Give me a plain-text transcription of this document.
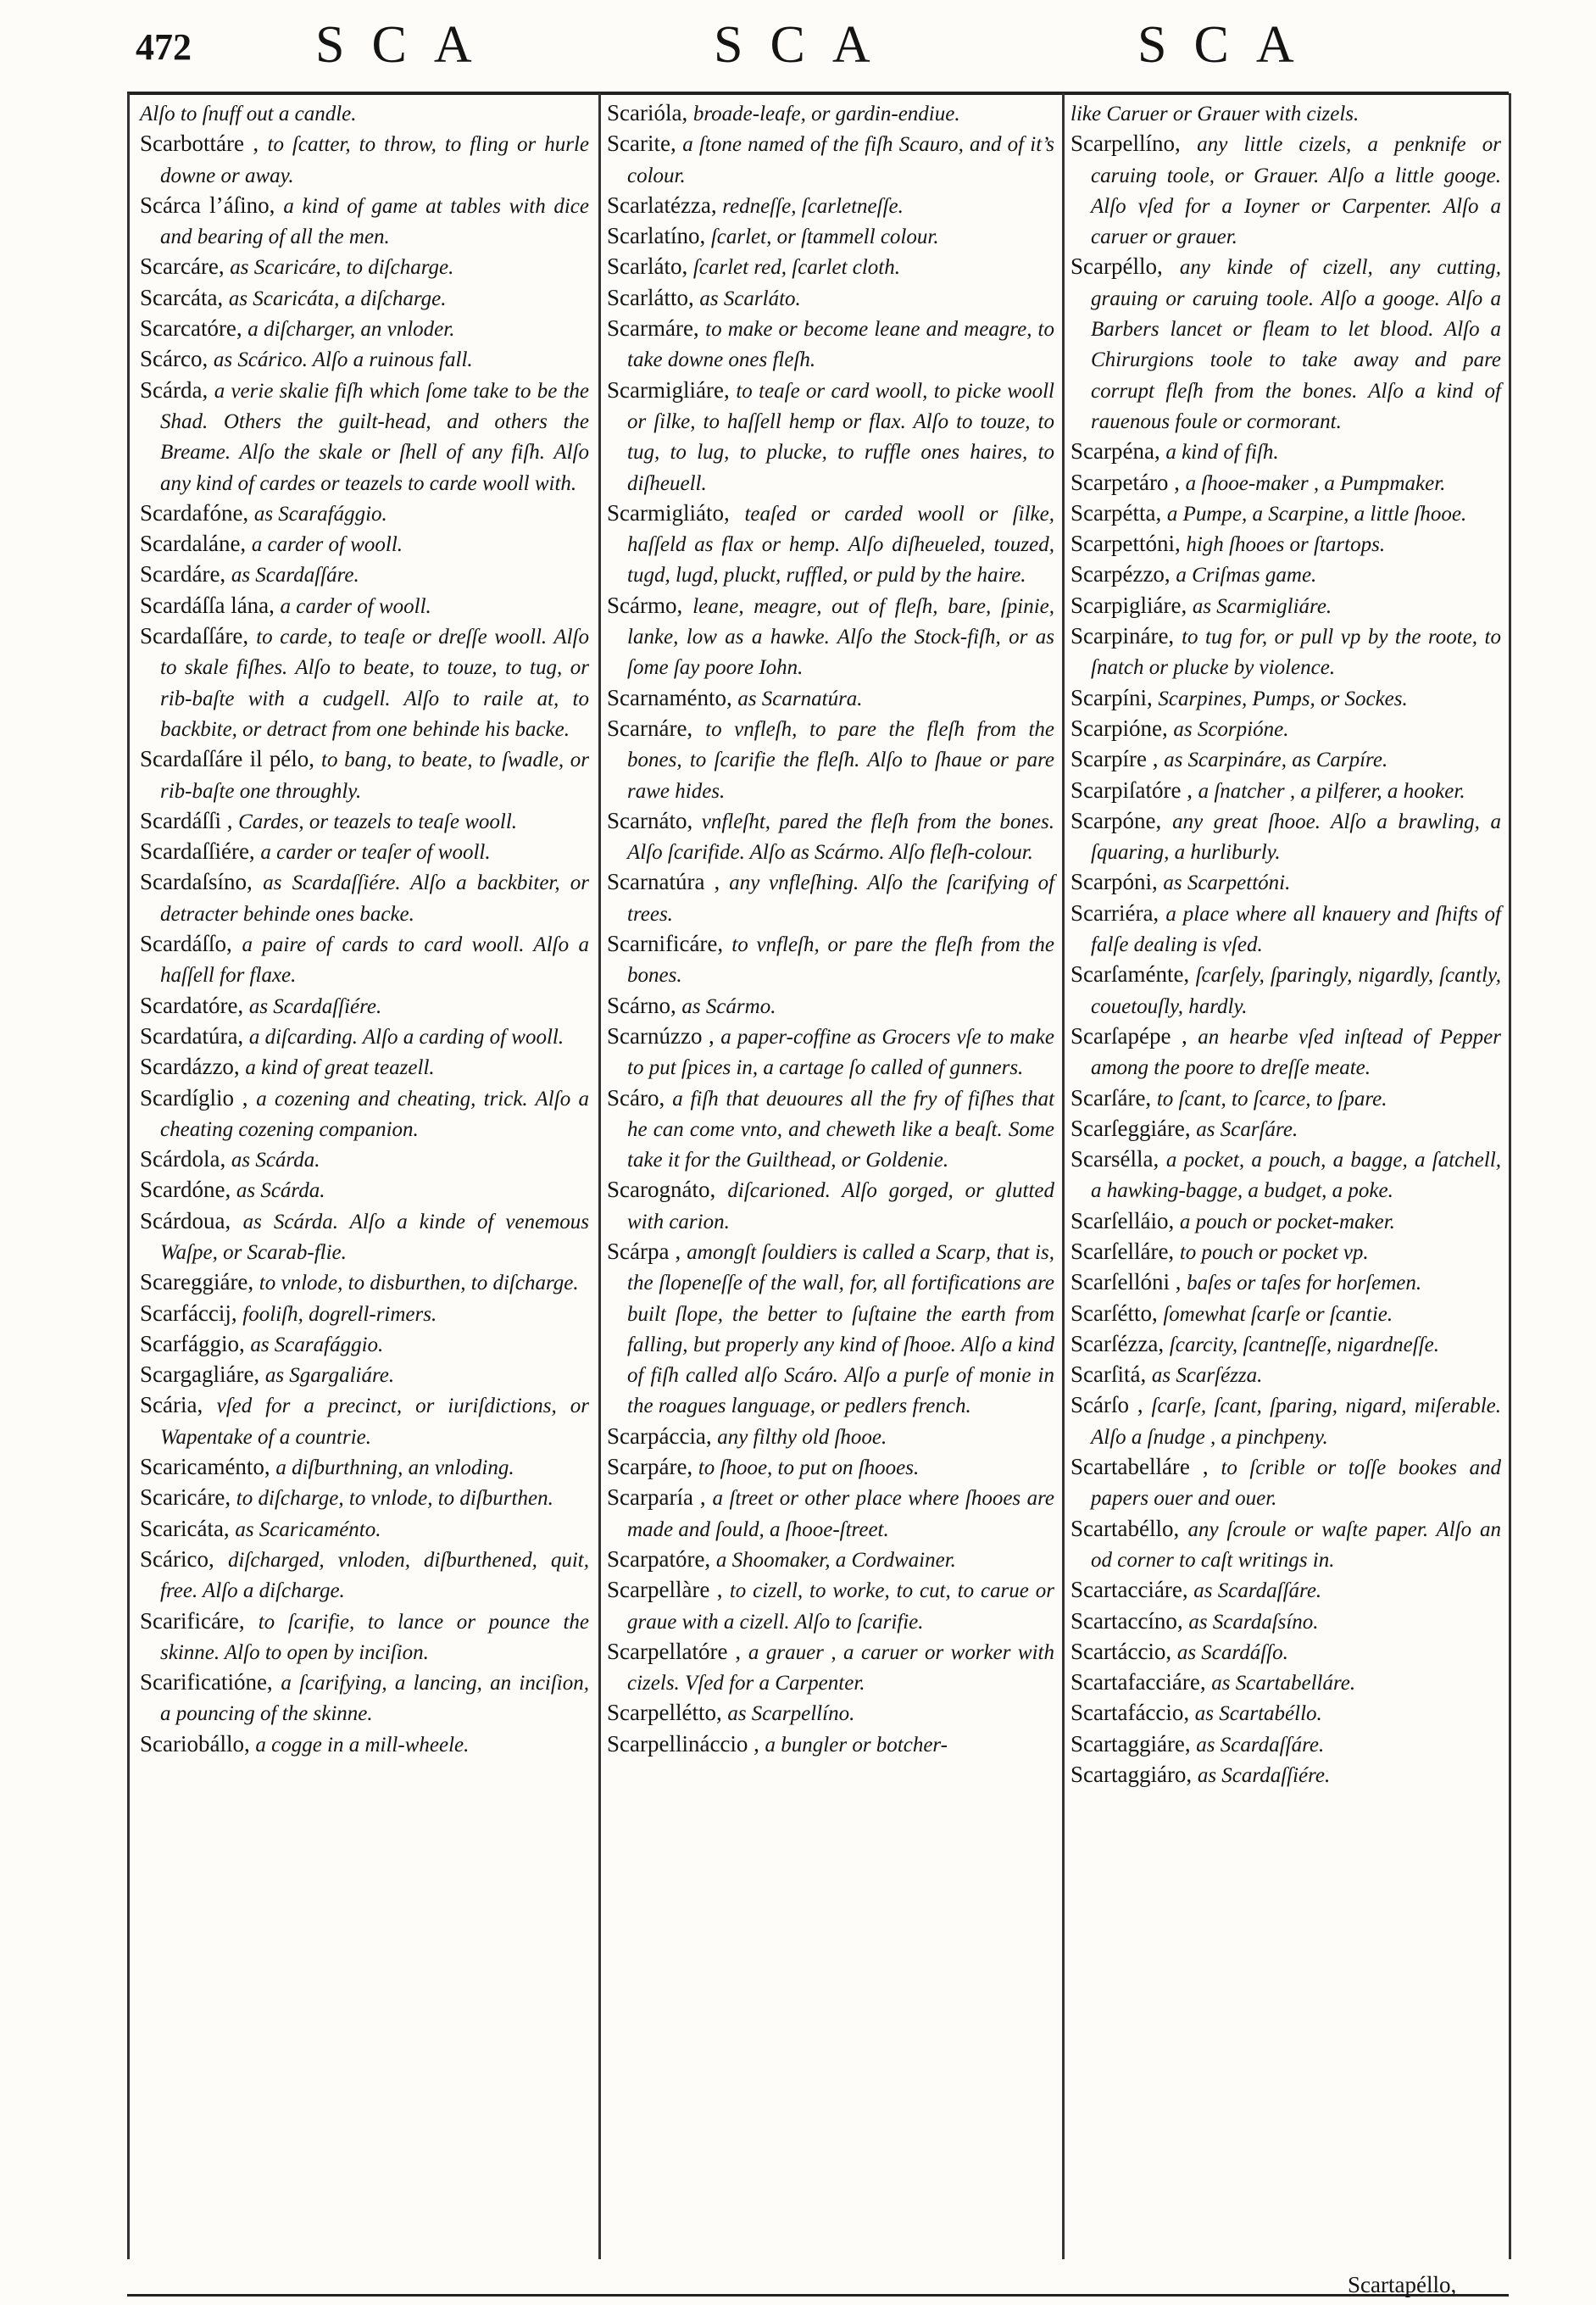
472 SCA	SCA	SCA
Alſo to ſnuff out a candle.
Scarbottáre , to ſcatter, to throw, to fling or hurle downe or away.
Scárca l’áſino, a kind of game at tables with dice and bearing of all the men.
Scarcáre, as Scaricáre, to diſcharge.
Scarcáta, as Scaricáta, a diſcharge.
Scarcatóre, a diſcharger, an vnloder.
Scárco, as Scárico. Alſo a ruinous fall.
Scárda, a verie skalie fiſh which ſome take to be the Shad. Others the guilt-head, and others the Breame. Alſo the skale or ſhell of any fiſh. Alſo any kind of cardes or teazels to carde wooll with.
Scardafóne, as Scarafággio.
Scardaláne, a carder of wooll.
Scardáre, as Scardaſſáre.
Scardáſſa lána, a carder of wooll.
Scardaſſáre, to carde, to teaſe or dreſſe wooll. Alſo to skale fiſhes. Alſo to beate, to touze, to tug, or rib-baſte with a cudgell. Alſo to raile at, to backbite, or detract from one behinde his backe.
Scardaſſáre il pélo, to bang, to beate, to ſwadle, or rib-baſte one throughly.
Scardáſſi , Cardes, or teazels to teaſe wooll.
Scardaſſiére, a carder or teaſer of wooll.
Scardaſsíno, as Scardaſſiére. Alſo a backbiter, or detracter behinde ones backe.
Scardáſſo, a paire of cards to card wooll. Alſo a haſſell for flaxe.
Scardatóre, as Scardaſſiére.
Scardatúra, a diſcarding. Alſo a carding of wooll.
Scardázzo, a kind of great teazell.
Scardíglio , a cozening and cheating, trick. Alſo a cheating cozening companion.
Scárdola, as Scárda.
Scardóne, as Scárda.
Scárdoua, as Scárda. Alſo a kinde of venemous Waſpe, or Scarab-flie.
Scareggiáre, to vnlode, to disburthen, to diſcharge.
Scarfáccij, fooliſh, dogrell-rimers.
Scarfággio, as Scarafággio.
Scargagliáre, as Sgargaliáre.
Scária, vſed for a precinct, or iuriſdictions, or Wapentake of a countrie.
Scaricaménto, a diſburthning, an vnloding.
Scaricáre, to diſcharge, to vnlode, to diſburthen.
Scaricáta, as Scaricaménto.
Scárico, diſcharged, vnloden, diſburthened, quit, free. Alſo a diſcharge.
Scarificáre, to ſcarifie, to lance or pounce the skinne. Alſo to open by inciſion.
Scarificatióne, a ſcarifying, a lancing, an inciſion, a pouncing of the skinne.
Scariobállo, a cogge in a mill-wheele.
Scarióla, broade-leafe, or gardin-endiue.
Scarite, a ſtone named of the fiſh Scauro, and of it’s colour.
Scarlatézza, redneſſe, ſcarletneſſe.
Scarlatíno, ſcarlet, or ſtammell colour.
Scarláto, ſcarlet red, ſcarlet cloth.
Scarlátto, as Scarláto.
Scarmáre, to make or become leane and meagre, to take downe ones fleſh.
Scarmigliáre, to teaſe or card wooll, to picke wooll or ſilke, to haſſell hemp or flax. Alſo to touze, to tug, to lug, to plucke, to ruffle ones haires, to diſheuell.
Scarmiglіáto, teaſed or carded wooll or ſilke, haſſeld as flax or hemp. Alſo diſheueled, touzed, tugd, lugd, pluckt, ruffled, or puld by the haire.
Scármo, leane, meagre, out of fleſh, bare, ſpinie, lanke, low as a hawke. Alſo the Stock-fiſh, or as ſome ſay poore Iohn.
Scarnaménto, as Scarnatúra.
Scarnáre, to vnfleſh, to pare the fleſh from the bones, to ſcarifie the fleſh. Alſo to ſhaue or pare rawe hides.
Scarnáto, vnfleſht, pared the fleſh from the bones. Alſo ſcarifide. Alſo as Scármo. Alſo fleſh-colour.
Scarnatúra , any vnfleſhing. Alſo the ſcarifying of trees.
Scarnificáre, to vnfleſh, or pare the fleſh from the bones.
Scárno, as Scármo.
Scarnúzzo , a paper-coffine as Grocers vſe to make to put ſpices in, a cartage ſo called of gunners.
Scáro, a fiſh that deuoures all the fry of fiſhes that he can come vnto, and cheweth like a beaſt. Some take it for the Guilthead, or Goldenie.
Scarognáto, diſcarioned. Alſo gorged, or glutted with carion.
Scárpa , amongſt ſouldiers is called a Scarp, that is, the ſlopeneſſe of the wall, for, all fortifications are built ſlope, the better to ſuſtaine the earth from falling, but properly any kind of ſhooe. Alſo a kind of fiſh called alſo Scáro. Alſo a purſe of monie in the roagues language, or pedlers french.
Scarpáccia, any filthy old ſhooe.
Scarpáre, to ſhooe, to put on ſhooes.
Scarparía , a ſtreet or other place where ſhooes are made and ſould, a ſhooe-ſtreet.
Scarpatóre, a Shoomaker, a Cordwainer.
Scarpellàre , to cizell, to worke, to cut, to carue or graue with a cizell. Alſo to ſcarifie.
Scarpellatóre , a grauer , a caruer or worker with cizels. Vſed for a Carpenter.
Scarpellétto, as Scarpellíno.
Scarpellináccio , a bungler or botcher-
like Caruer or Grauer with cizels.
Scarpellíno, any little cizels, a penknife or caruing toole, or Grauer. Alſo a little googe. Alſo vſed for a Ioyner or Carpenter. Alſo a caruer or grauer.
Scarpéllo, any kinde of cizell, any cutting, grauing or caruing toole. Alſo a googe. Alſo a Barbers lancet or fleam to let blood. Alſo a Chirurgions toole to take away and pare corrupt fleſh from the bones. Alſo a kind of rauenous foule or cormorant.
Scarpéna, a kind of fiſh.
Scarpetáro , a ſhooe-maker , a Pumpmaker.
Scarpétta, a Pumpe, a Scarpine, a little ſhooe.
Scarpettóni, high ſhooes or ſtartops.
Scarpézzo, a Criſmas game.
Scarpigliáre, as Scarmigliáre.
Scarpináre, to tug for, or pull vp by the roote, to ſnatch or plucke by violence.
Scarpíni, Scarpines, Pumps, or Sockes.
Scarpióne, as Scorpióne.
Scarpíre , as Scarpináre, as Carpíre.
Scarpiſatóre , a ſnatcher , a pilferer, a hooker.
Scarpóne, any great ſhooe. Alſo a brawling, a ſquaring, a hurliburly.
Scarpóni, as Scarpettóni.
Scarriéra, a place where all knauery and ſhifts of falſe dealing is vſed.
Scarſaménte, ſcarſely, ſparingly, nigardly, ſcantly, couetouſly, hardly.
Scarſapépe , an hearbe vſed inſtead of Pepper among the poore to dreſſe meate.
Scarſáre, to ſcant, to ſcarce, to ſpare.
Scarſeggiáre, as Scarſáre.
Scarséllа, a pocket, a pouch, a bagge, a ſatchell, a hawking-bagge, a budget, a poke.
Scarſelláio, a pouch or pocket-maker.
Scarſelláre, to pouch or pocket vp.
Scarſellóni , baſes or taſes for horſemen.
Scarſétto, ſomewhat ſcarſe or ſcantie.
Scarſézza, ſcarcity, ſcantneſſe, nigardneſſe.
Scarſitá, as Scarſézza.
Scárſo , ſcarſe, ſcant, ſparing, nigard, miſerable. Alſo a ſnudge , a pinchpeny.
Scartabelláre , to ſcrible or toſſe bookes and papers ouer and ouer.
Scartabéllo, any ſcroule or waſte paper. Alſo an od corner to caſt writings in.
Scartacciáre, as Scardaſſáre.
Scartaccíno, as Scardaſsíno.
Scartáccio, as Scardáſſo.
Scartafacciáre, as Scartabelláre.
Scartafáccio, as Scartabéllo.
Scartaggiáre, as Scardaſſáre.
Scartaggiáro, as Scardaſſiére.
Scartapéllo,
